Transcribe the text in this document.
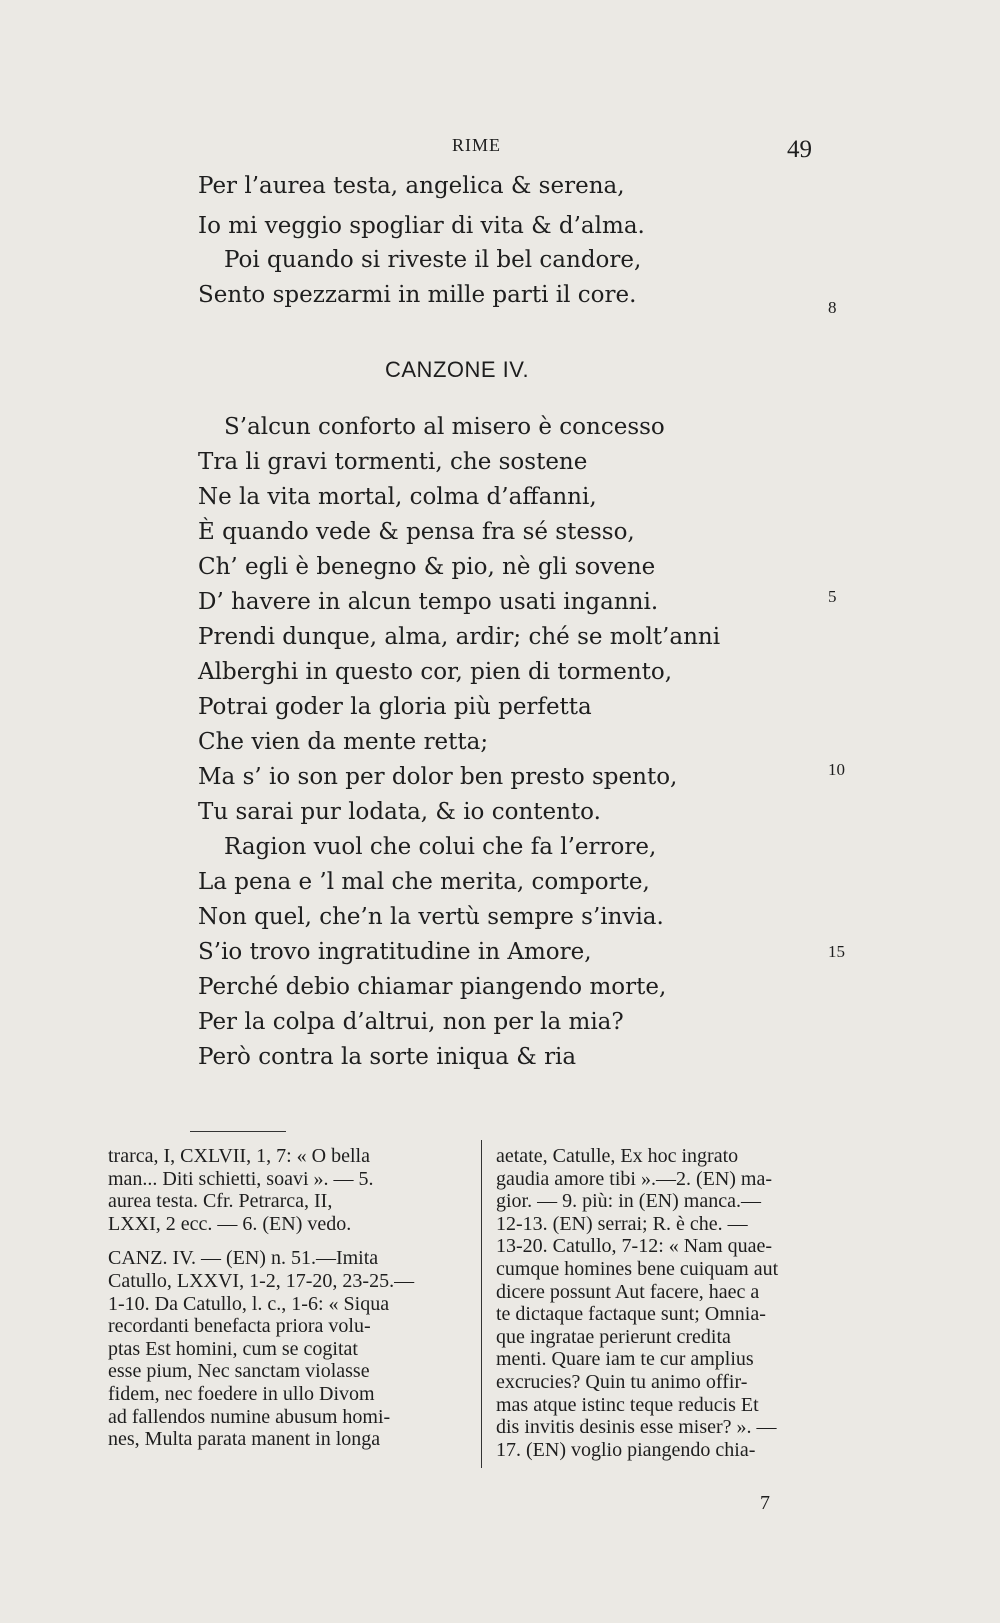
RIME	49
Per l’aurea testa, angelica & serena,
Io mi veggio spogliar di vita & d’alma.
Poi quando si riveste il bel candore,
Sento spezzarmi in mille parti il core.
CANZONE IV.
S’alcun conforto al misero è concesso
Tra li gravi tormenti, che sostene
Ne la vita mortal, colma d’affanni,
È quando vede & pensa fra sé stesso,
Ch’ egli è benegno & pio, nè gli sovene
D’ havere in alcun tempo usati inganni.
Prendi dunque, alma, ardir; ché se molt’anni
Alberghi in questo cor, pien di tormento,
Potrai goder la gloria più perfetta
Che vien da mente retta;
Ma s’ io son per dolor ben presto spento,
Tu sarai pur lodata, & io contento.
Ragion vuol che colui che fa l’errore,
La pena e ’l mal che merita, comporte,
Non quel, che’n la vertù sempre s’invia.
S’io trovo ingratitudine in Amore,
Perché debio chiamar piangendo morte,
Per la colpa d’altrui, non per la mia?
Però contra la sorte iniqua & ria
8
5
10
15
trarca, I, CXLVII, 1, 7: « O bella
man... Diti schietti, soavi ». — 5.
aurea testa. Cfr. Petrarca, II,
LXXI, 2 ecc. — 6. (EN) vedo.
CANZ. IV. — (EN) n. 51.—Imita
Catullo, LXXVI, 1-2, 17-20, 23-25.—
1-10. Da Catullo, l. c., 1-6: « Siqua
recordanti benefacta priora volu-
ptas Est homini, cum se cogitat
esse pium, Nec sanctam violasse
fidem, nec foedere in ullo Divom
ad fallendos numine abusum homi-
nes, Multa parata manent in longa
aetate, Catulle, Ex hoc ingrato
gaudia amore tibi ».—2. (EN) ma-
gior. — 9. più: in (EN) manca.—
12-13. (EN) serrai; R. è che. —
13-20. Catullo, 7-12: « Nam quae-
cumque homines bene cuiquam aut
dicere possunt Aut facere, haec a
te dictaque factaque sunt; Omnia-
que ingratae perierunt credita
menti. Quare iam te cur amplius
excrucies? Quin tu animo offir-
mas atque istinc teque reducis Et
dis invitis desinis esse miser? ». —
17. (EN) voglio piangendo chia-
7
